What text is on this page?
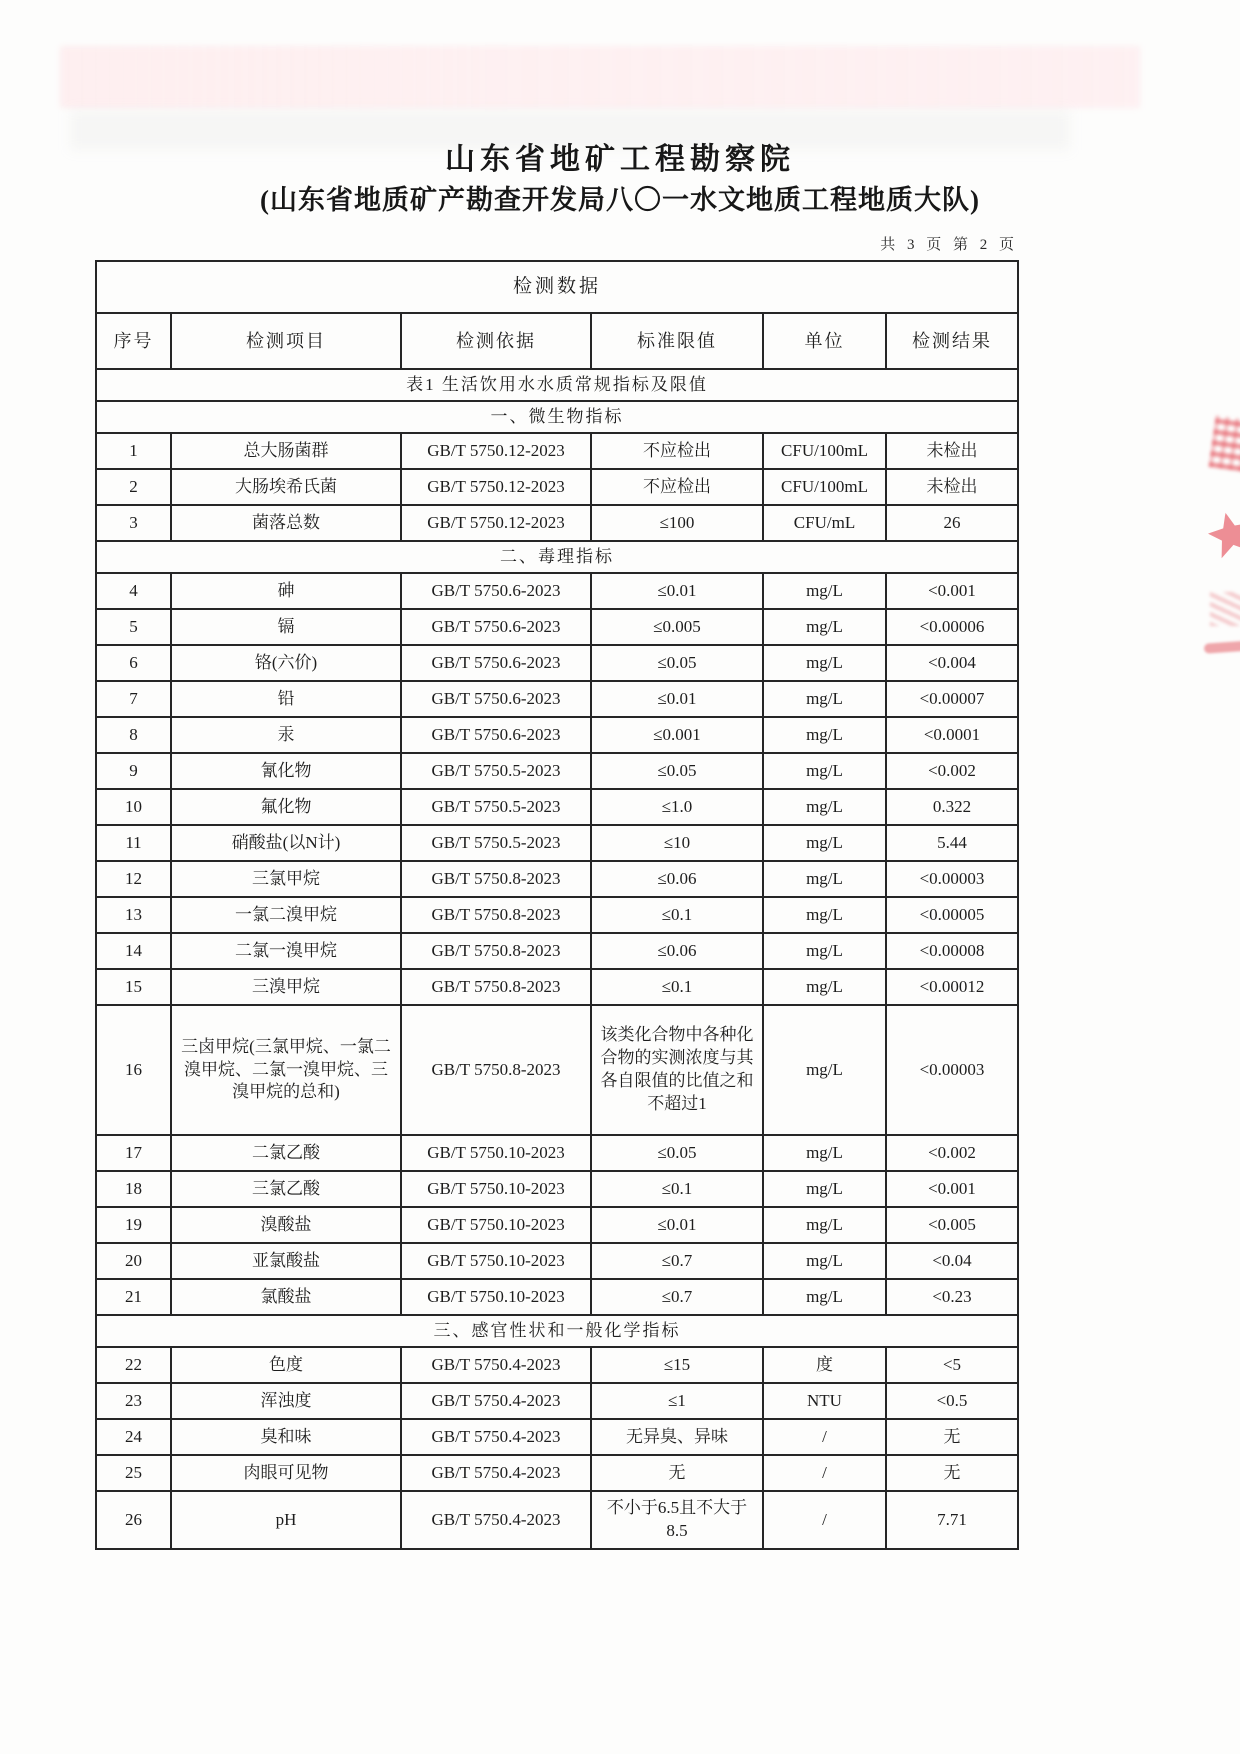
山东省地矿工程勘察院
(山东省地质矿产勘查开发局八〇一水文地质工程地质大队)
共 3 页 第 2 页
检测数据					
序号	检测项目	检测依据	标准限值	单位	检测结果
表1 生活饮用水水质常规指标及限值					
一、微生物指标					
1	总大肠菌群	GB/T 5750.12-2023	不应检出	CFU/100mL	未检出
2	大肠埃希氏菌	GB/T 5750.12-2023	不应检出	CFU/100mL	未检出
3	菌落总数	GB/T 5750.12-2023	≤100	CFU/mL	26
二、毒理指标					
4	砷	GB/T 5750.6-2023	≤0.01	mg/L	<0.001
5	镉	GB/T 5750.6-2023	≤0.005	mg/L	<0.00006
6	铬(六价)	GB/T 5750.6-2023	≤0.05	mg/L	<0.004
7	铅	GB/T 5750.6-2023	≤0.01	mg/L	<0.00007
8	汞	GB/T 5750.6-2023	≤0.001	mg/L	<0.0001
9	氰化物	GB/T 5750.5-2023	≤0.05	mg/L	<0.002
10	氟化物	GB/T 5750.5-2023	≤1.0	mg/L	0.322
11	硝酸盐(以N计)	GB/T 5750.5-2023	≤10	mg/L	5.44
12	三氯甲烷	GB/T 5750.8-2023	≤0.06	mg/L	<0.00003
13	一氯二溴甲烷	GB/T 5750.8-2023	≤0.1	mg/L	<0.00005
14	二氯一溴甲烷	GB/T 5750.8-2023	≤0.06	mg/L	<0.00008
15	三溴甲烷	GB/T 5750.8-2023	≤0.1	mg/L	<0.00012
16	三卤甲烷(三氯甲烷、一氯二溴甲烷、二氯一溴甲烷、三溴甲烷的总和)	GB/T 5750.8-2023	该类化合物中各种化合物的实测浓度与其各自限值的比值之和不超过1	mg/L	<0.00003
17	二氯乙酸	GB/T 5750.10-2023	≤0.05	mg/L	<0.002
18	三氯乙酸	GB/T 5750.10-2023	≤0.1	mg/L	<0.001
19	溴酸盐	GB/T 5750.10-2023	≤0.01	mg/L	<0.005
20	亚氯酸盐	GB/T 5750.10-2023	≤0.7	mg/L	<0.04
21	氯酸盐	GB/T 5750.10-2023	≤0.7	mg/L	<0.23
三、感官性状和一般化学指标					
22	色度	GB/T 5750.4-2023	≤15	度	<5
23	浑浊度	GB/T 5750.4-2023	≤1	NTU	<0.5
24	臭和味	GB/T 5750.4-2023	无异臭、异味	/	无
25	肉眼可见物	GB/T 5750.4-2023	无	/	无
26	pH	GB/T 5750.4-2023	不小于6.5且不大于8.5	/	7.71
